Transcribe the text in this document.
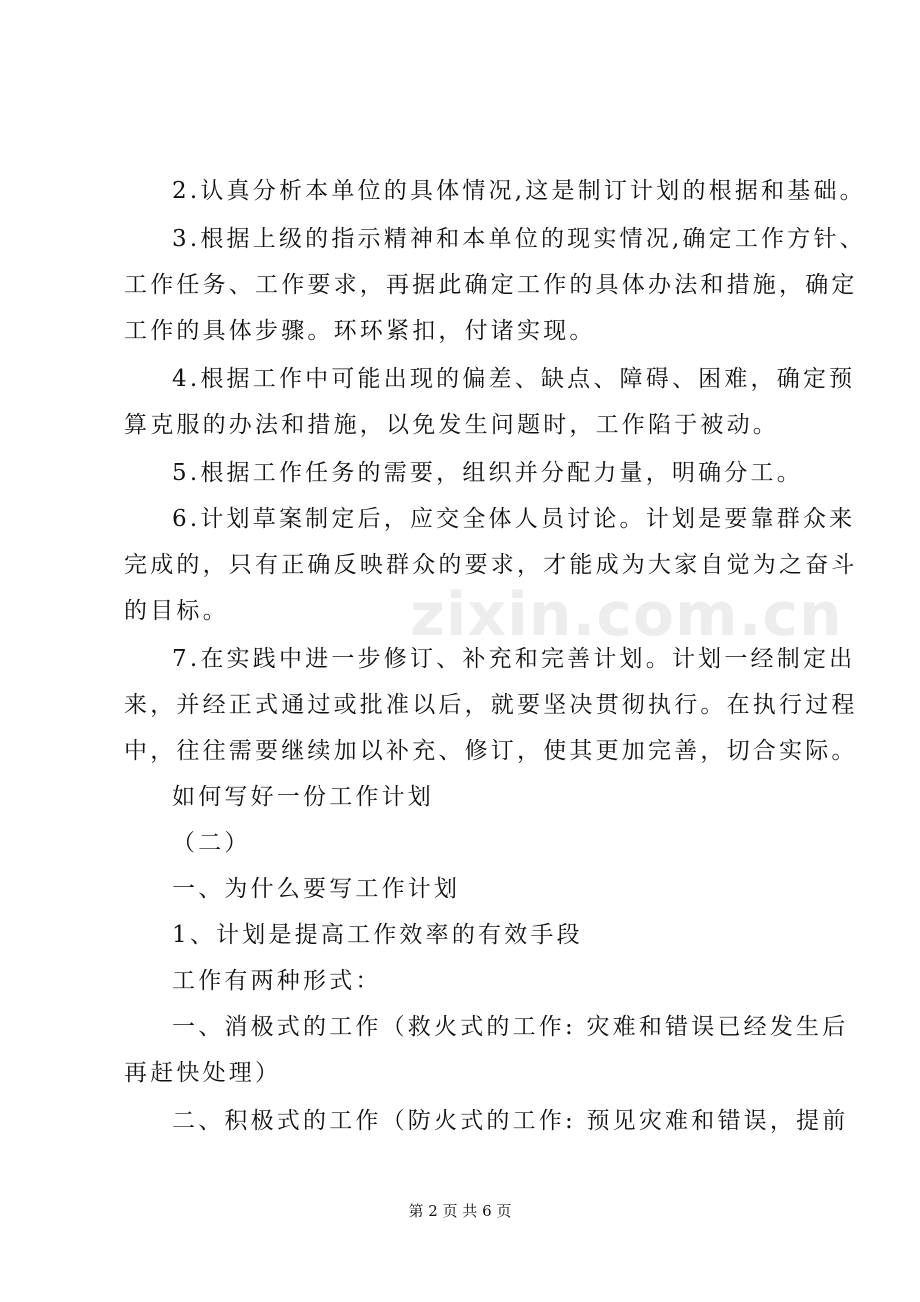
2.认真分析本单位的具体情况,这是制订计划的根据和基础。
3.根据上级的指示精神和本单位的现实情况,确定工作方针、
工作任务、工作要求，再据此确定工作的具体办法和措施，确定
工作的具体步骤。环环紧扣，付诸实现。
4.根据工作中可能出现的偏差、缺点、障碍、困难，确定预
算克服的办法和措施，以免发生问题时，工作陷于被动。
5.根据工作任务的需要，组织并分配力量，明确分工。
6.计划草案制定后，应交全体人员讨论。计划是要靠群众来
完成的，只有正确反映群众的要求，才能成为大家自觉为之奋斗
的目标。
7.在实践中进一步修订、补充和完善计划。计划一经制定出
来，并经正式通过或批准以后，就要坚决贯彻执行。在执行过程
中，往往需要继续加以补充、修订，使其更加完善，切合实际。
如何写好一份工作计划
（二）
一、为什么要写工作计划
1、计划是提高工作效率的有效手段
工作有两种形式：
一、消极式的工作（救火式的工作: 灾难和错误已经发生后
再赶快处理）
二、积极式的工作（防火式的工作: 预见灾难和错误，提前
zixin.com.cn
第 2 页 共 6 页
